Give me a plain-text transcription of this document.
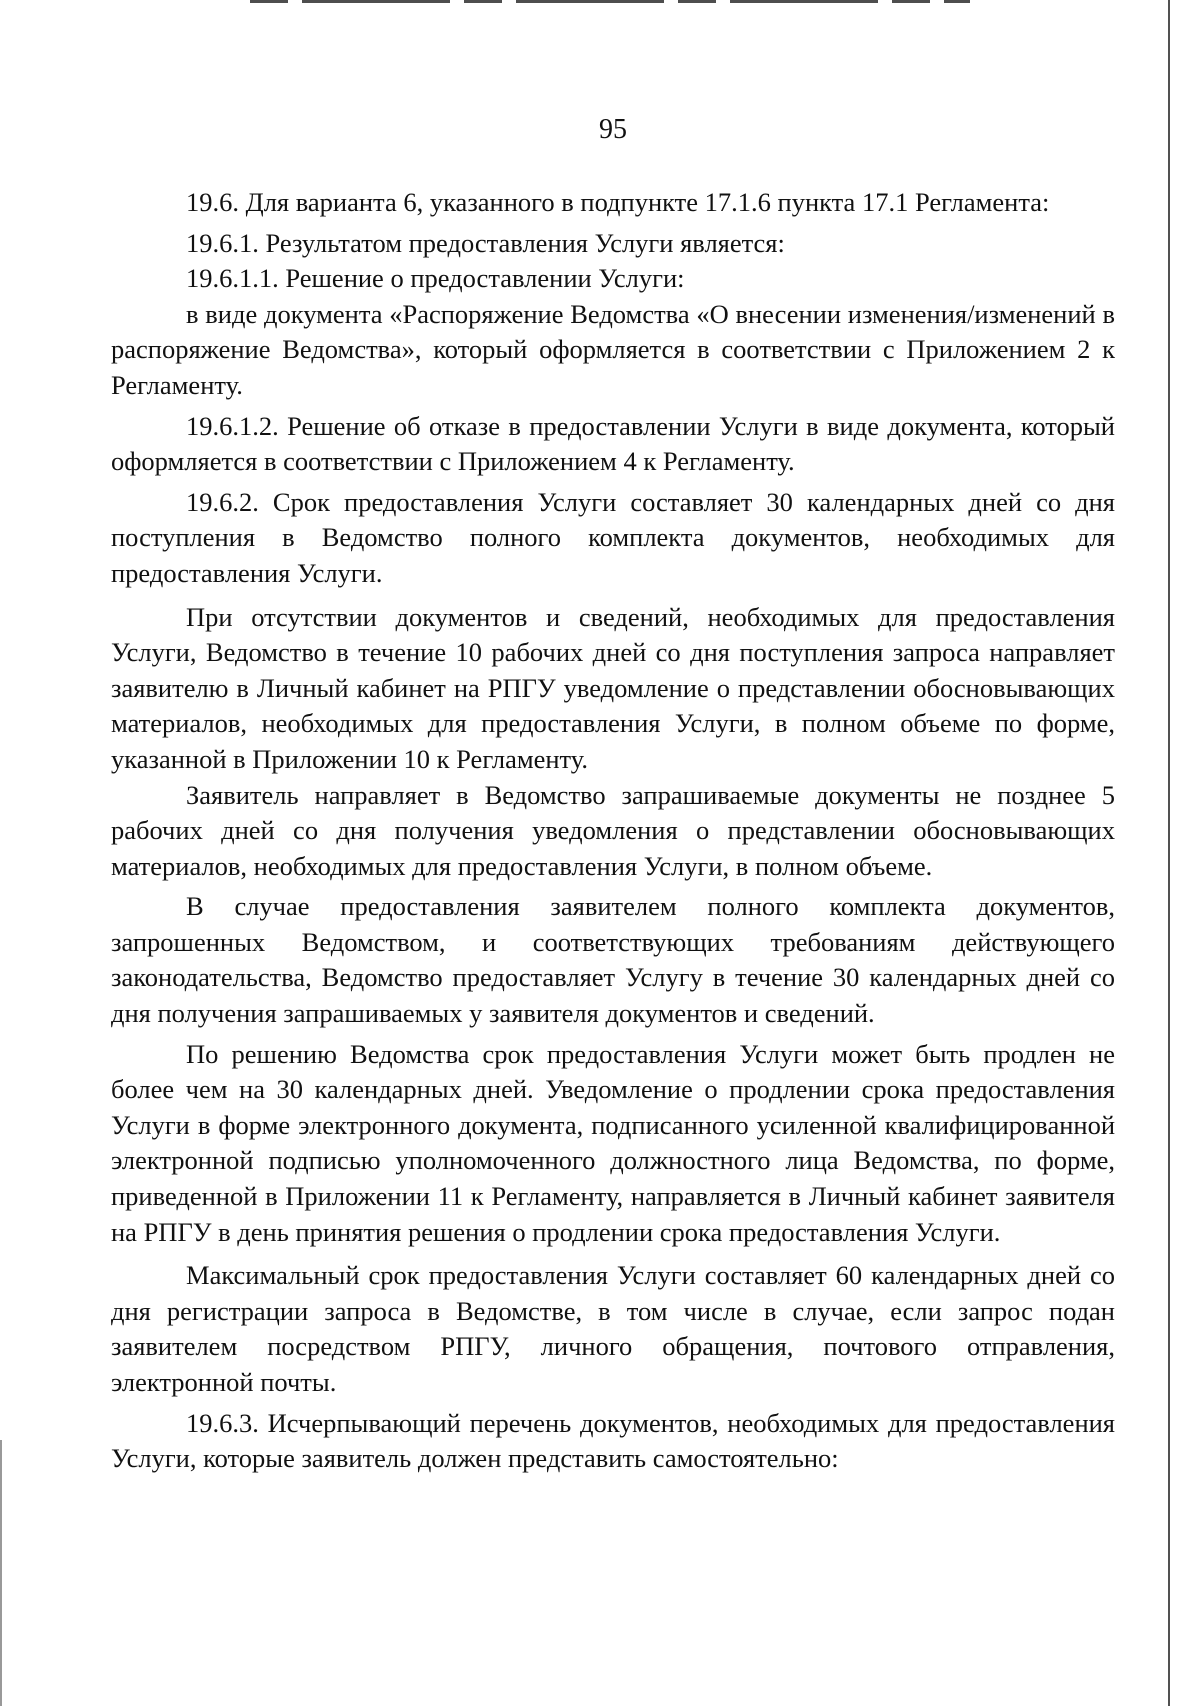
95

19.6. Для варианта 6, указанного в подпункте 17.1.6 пункта 17.1 Регламента:

19.6.1. Результатом предоставления Услуги является:

19.6.1.1. Решение о предоставлении Услуги:

в виде документа «Распоряжение Ведомства «О внесении изменения/изменений в распоряжение Ведомства», который оформляется в соответствии с Приложением 2 к Регламенту.

19.6.1.2. Решение об отказе в предоставлении Услуги в виде документа, который оформляется в соответствии с Приложением 4 к Регламенту.

19.6.2. Срок предоставления Услуги составляет 30 календарных дней со дня поступления в Ведомство полного комплекта документов, необходимых для предоставления Услуги.

При отсутствии документов и сведений, необходимых для предоставления Услуги, Ведомство в течение 10 рабочих дней со дня поступления запроса направляет заявителю в Личный кабинет на РПГУ уведомление о представлении обосновывающих материалов, необходимых для предоставления Услуги, в полном объеме по форме, указанной в Приложении 10 к Регламенту.

Заявитель направляет в Ведомство запрашиваемые документы не позднее 5 рабочих дней со дня получения уведомления о представлении обосновывающих материалов, необходимых для предоставления Услуги, в полном объеме.

В случае предоставления заявителем полного комплекта документов, запрошенных Ведомством, и соответствующих требованиям действующего законодательства, Ведомство предоставляет Услугу в течение 30 календарных дней со дня получения запрашиваемых у заявителя документов и сведений.

По решению Ведомства срок предоставления Услуги может быть продлен не более чем на 30 календарных дней. Уведомление о продлении срока предоставления Услуги в форме электронного документа, подписанного усиленной квалифицированной электронной подписью уполномоченного должностного лица Ведомства, по форме, приведенной в Приложении 11 к Регламенту, направляется в Личный кабинет заявителя на РПГУ в день принятия решения о продлении срока предоставления Услуги.

Максимальный срок предоставления Услуги составляет 60 календарных дней со дня регистрации запроса в Ведомстве, в том числе в случае, если запрос подан заявителем посредством РПГУ, личного обращения, почтового отправления, электронной почты.

19.6.3. Исчерпывающий перечень документов, необходимых для предоставления Услуги, которые заявитель должен представить самостоятельно:
